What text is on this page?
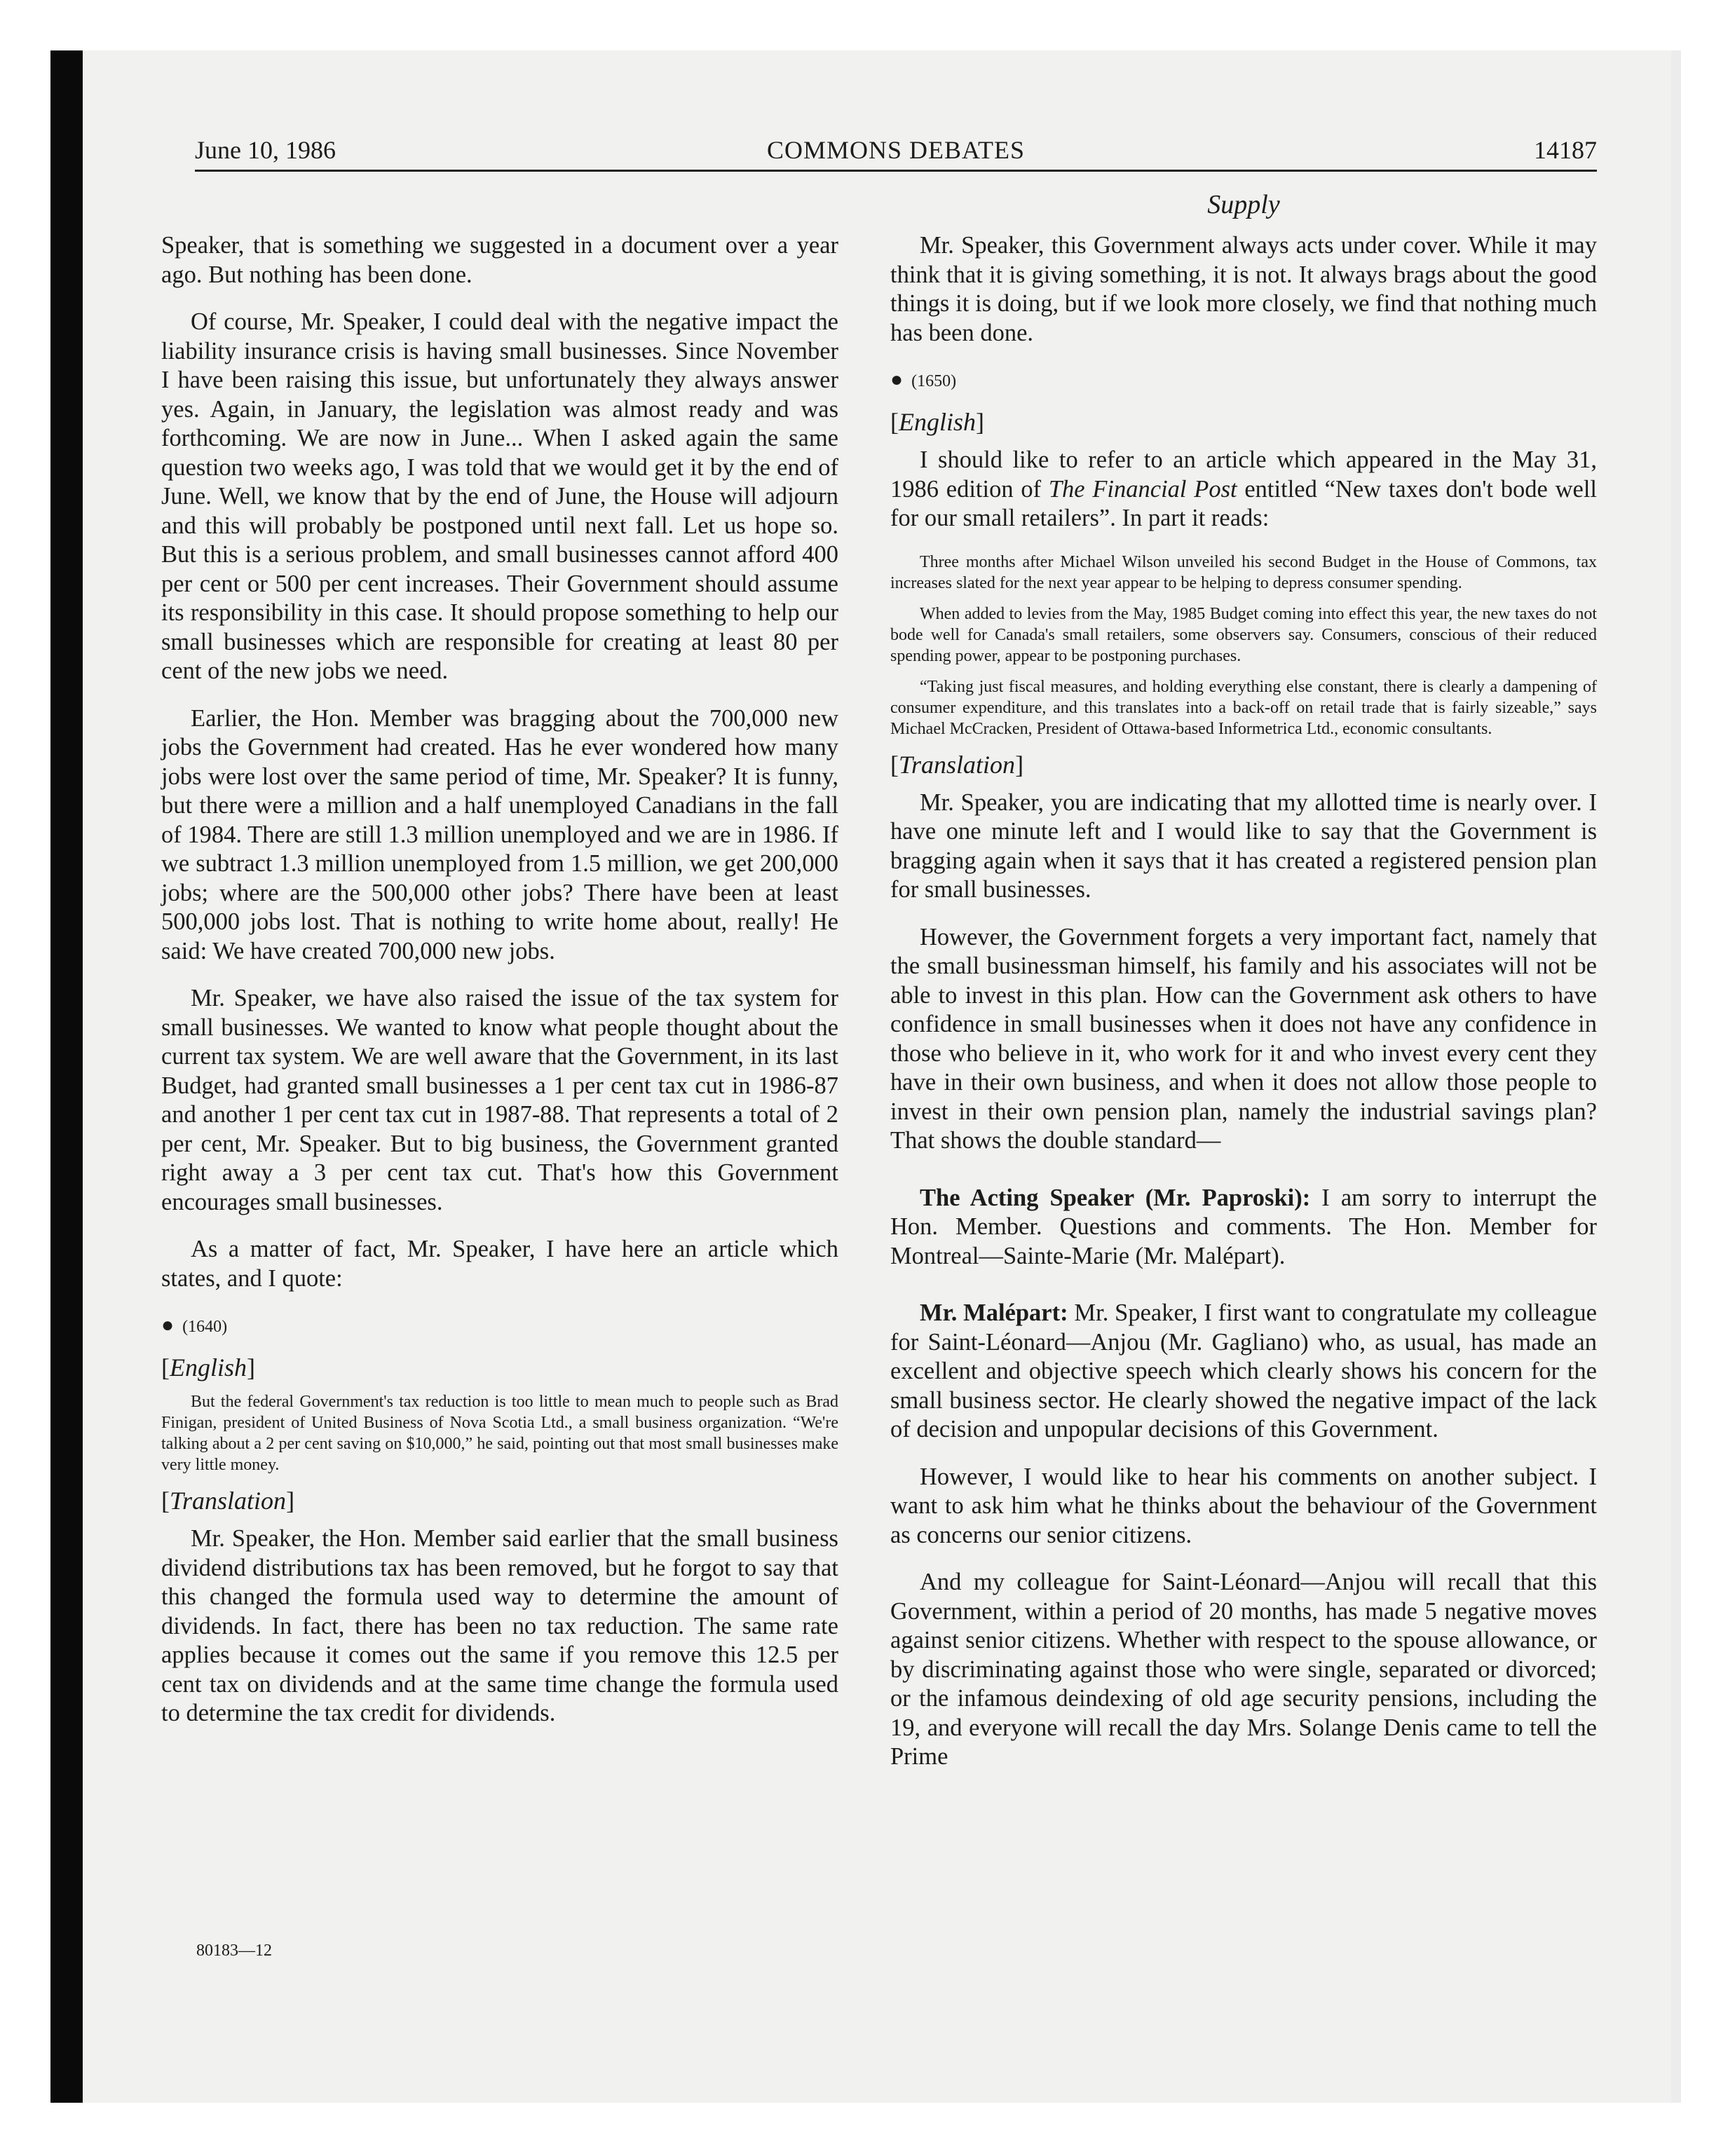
June 10, 1986	COMMONS DEBATES	14187
Supply

Speaker, that is something we suggested in a document over a year ago. But nothing has been done.

Of course, Mr. Speaker, I could deal with the negative impact the liability insurance crisis is having small businesses. Since November I have been raising this issue, but unfortunately they always answer yes. Again, in January, the legislation was almost ready and was forthcoming. We are now in June... When I asked again the same question two weeks ago, I was told that we would get it by the end of June. Well, we know that by the end of June, the House will adjourn and this will probably be postponed until next fall. Let us hope so. But this is a serious problem, and small businesses cannot afford 400 per cent or 500 per cent increases. Their Government should assume its responsibility in this case. It should propose something to help our small businesses which are responsible for creating at least 80 per cent of the new jobs we need.

Earlier, the Hon. Member was bragging about the 700,000 new jobs the Government had created. Has he ever wondered how many jobs were lost over the same period of time, Mr. Speaker? It is funny, but there were a million and a half unemployed Canadians in the fall of 1984. There are still 1.3 million unemployed and we are in 1986. If we subtract 1.3 million unemployed from 1.5 million, we get 200,000 jobs; where are the 500,000 other jobs? There have been at least 500,000 jobs lost. That is nothing to write home about, really! He said: We have created 700,000 new jobs.

Mr. Speaker, we have also raised the issue of the tax system for small businesses. We wanted to know what people thought about the current tax system. We are well aware that the Government, in its last Budget, had granted small businesses a 1 per cent tax cut in 1986-87 and another 1 per cent tax cut in 1987-88. That represents a total of 2 per cent, Mr. Speaker. But to big business, the Government granted right away a 3 per cent tax cut. That's how this Government encourages small businesses.

As a matter of fact, Mr. Speaker, I have here an article which states, and I quote:

● (1640)
[English]

But the federal Government's tax reduction is too little to mean much to people such as Brad Finigan, president of United Business of Nova Scotia Ltd., a small business organization. “We're talking about a 2 per cent saving on $10,000,” he said, pointing out that most small businesses make very little money.

[Translation]

Mr. Speaker, the Hon. Member said earlier that the small business dividend distributions tax has been removed, but he forgot to say that this changed the formula used way to determine the amount of dividends. In fact, there has been no tax reduction. The same rate applies because it comes out the same if you remove this 12.5 per cent tax on dividends and at the same time change the formula used to determine the tax credit for dividends.

Mr. Speaker, this Government always acts under cover. While it may think that it is giving something, it is not. It always brags about the good things it is doing, but if we look more closely, we find that nothing much has been done.

● (1650)
[English]

I should like to refer to an article which appeared in the May 31, 1986 edition of The Financial Post entitled “New taxes don't bode well for our small retailers”. In part it reads:

Three months after Michael Wilson unveiled his second Budget in the House of Commons, tax increases slated for the next year appear to be helping to depress consumer spending.

When added to levies from the May, 1985 Budget coming into effect this year, the new taxes do not bode well for Canada's small retailers, some observers say. Consumers, conscious of their reduced spending power, appear to be postponing purchases.

“Taking just fiscal measures, and holding everything else constant, there is clearly a dampening of consumer expenditure, and this translates into a back-off on retail trade that is fairly sizeable,” says Michael McCracken, President of Ottawa-based Informetrica Ltd., economic consultants.

[Translation]

Mr. Speaker, you are indicating that my allotted time is nearly over. I have one minute left and I would like to say that the Government is bragging again when it says that it has created a registered pension plan for small businesses.

However, the Government forgets a very important fact, namely that the small businessman himself, his family and his associates will not be able to invest in this plan. How can the Government ask others to have confidence in small businesses when it does not have any confidence in those who believe in it, who work for it and who invest every cent they have in their own business, and when it does not allow those people to invest in their own pension plan, namely the industrial savings plan? That shows the double standard—

The Acting Speaker (Mr. Paproski): I am sorry to interrupt the Hon. Member. Questions and comments. The Hon. Member for Montreal—Sainte-Marie (Mr. Malépart).

Mr. Malépart: Mr. Speaker, I first want to congratulate my colleague for Saint-Léonard—Anjou (Mr. Gagliano) who, as usual, has made an excellent and objective speech which clearly shows his concern for the small business sector. He clearly showed the negative impact of the lack of decision and unpopular decisions of this Government.

However, I would like to hear his comments on another subject. I want to ask him what he thinks about the behaviour of the Government as concerns our senior citizens.

And my colleague for Saint-Léonard—Anjou will recall that this Government, within a period of 20 months, has made 5 negative moves against senior citizens. Whether with respect to the spouse allowance, or by discriminating against those who were single, separated or divorced; or the infamous deindexing of old age security pensions, including the 19, and everyone will recall the day Mrs. Solange Denis came to tell the Prime

80183—12
